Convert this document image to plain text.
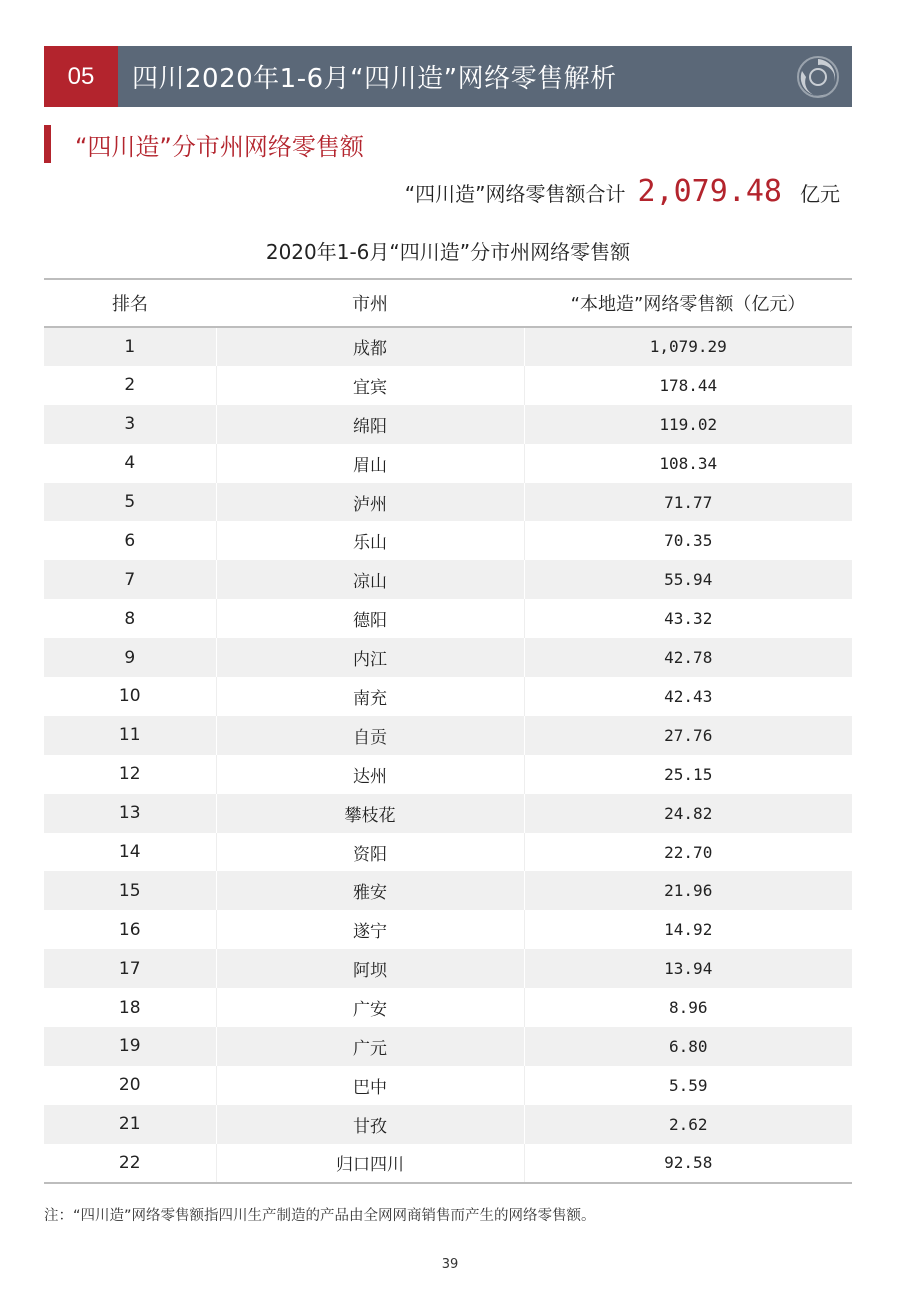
05	四川2020年1-6月“四川造”网络零售解析
“四川造”分市州网络零售额
“四川造”网络零售额合计 2,079.48 亿元
2020年1-6月“四川造”分市州网络零售额
排名	市州	“本地造”网络零售额（亿元）
1	成都	1,079.29
2	宜宾	178.44
3	绵阳	119.02
4	眉山	108.34
5	泸州	71.77
6	乐山	70.35
7	凉山	55.94
8	德阳	43.32
9	内江	42.78
10	南充	42.43
11	自贡	27.76
12	达州	25.15
13	攀枝花	24.82
14	资阳	22.70
15	雅安	21.96
16	遂宁	14.92
17	阿坝	13.94
18	广安	8.96
19	广元	6.80
20	巴中	5.59
21	甘孜	2.62
22	归口四川	92.58
注：“四川造”网络零售额指四川生产制造的产品由全网网商销售而产生的网络零售额。
39
